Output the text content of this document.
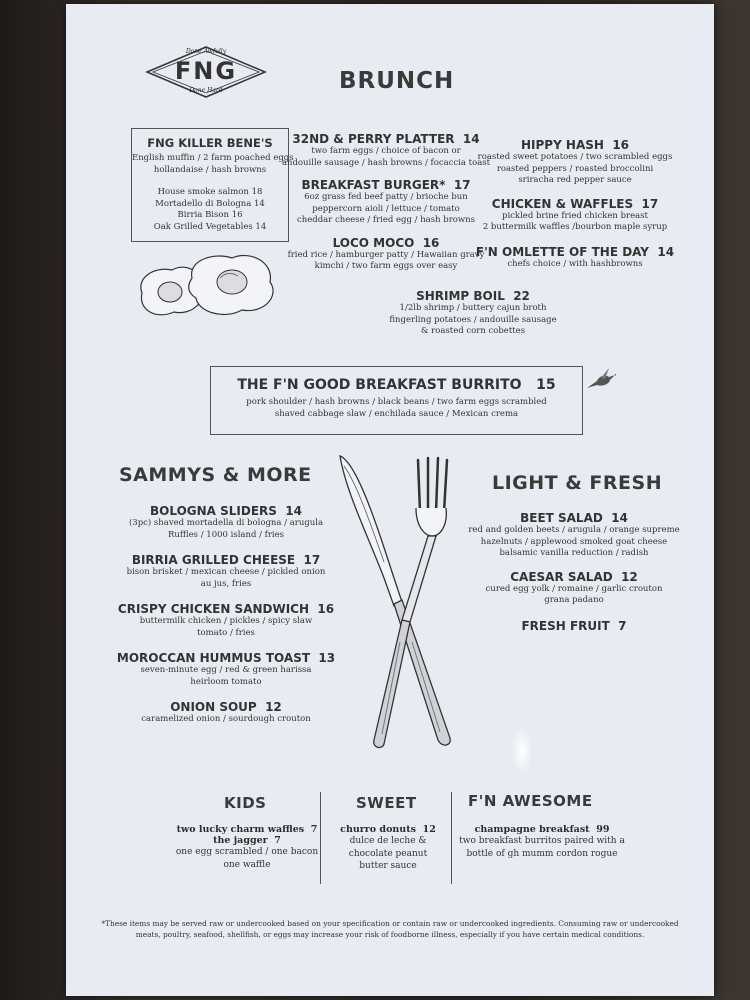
FNG
Done Awfully
Done Hard	BRUNCH
FNG KILLER BENE'S
English muffin / 2 farm poached eggs
hollandaise / hash browns
House smoke salmon 18
Mortadello di Bologna 14
Birria Bison 16
Oak Grilled Vegetables 14
32ND & PERRY PLATTER 14
two farm eggs / choice of bacon or
andouille sausage / hash browns / focaccia toast
BREAKFAST BURGER* 17
6oz grass fed beef patty / brioche bun
peppercorn aioli / lettuce / tomato
cheddar cheese / fried egg / hash browns
LOCO MOCO 16
fried rice / hamburger patty / Hawaiian gravy
kimchi / two farm eggs over easy
SHRIMP BOIL 22
1/2lb shrimp / buttery cajun broth
fingerling potatoes / andouille sausage
& roasted corn cobettes
HIPPY HASH 16
roasted sweet potatoes / two scrambled eggs
roasted peppers / roasted broccolini
sriracha red pepper sauce
CHICKEN & WAFFLES 17
pickled brine fried chicken breast
2 buttermilk waffles /bourbon maple syrup
F'N OMLETTE OF THE DAY 14
chefs choice / with hashbrowns
THE F'N GOOD BREAKFAST BURRITO 15
pork shoulder / hash browns / black beans / two farm eggs scrambled
shaved cabbage slaw / enchilada sauce / Mexican crema
SAMMYS & MORE
BOLOGNA SLIDERS 14
(3pc) shaved mortadella di bologna / arugula
Ruffles / 1000 island / fries
BIRRIA GRILLED CHEESE 17
bison brisket / mexican cheese / pickled onion
au jus, fries
CRISPY CHICKEN SANDWICH 16
buttermilk chicken / pickles / spicy slaw
tomato / fries
MOROCCAN HUMMUS TOAST 13
seven-minute egg / red & green harissa
heirloom tomato
ONION SOUP 12
caramelized onion / sourdough crouton
LIGHT & FRESH
BEET SALAD 14
red and golden beets / arugula / orange supreme
hazelnuts / applewood smoked goat cheese
balsamic vanilla reduction / radish
CAESAR SALAD 12
cured egg yolk / romaine / garlic crouton
grana padano
FRESH FRUIT 7
KIDS
two lucky charm waffles 7
the jagger 7
one egg scrambled / one bacon
one waffle
SWEET
churro donuts 12
dulce de leche &
chocolate peanut
butter sauce
F'N AWESOME
champagne breakfast 99
two breakfast burritos paired with a
bottle of gh mumm cordon rogue
*These items may be served raw or undercooked based on your specification or contain raw or undercooked ingredients. Consuming raw or undercooked
meats, poultry, seafood, shellfish, or eggs may increase your risk of foodborne illness, especially if you have certain medical conditions.
